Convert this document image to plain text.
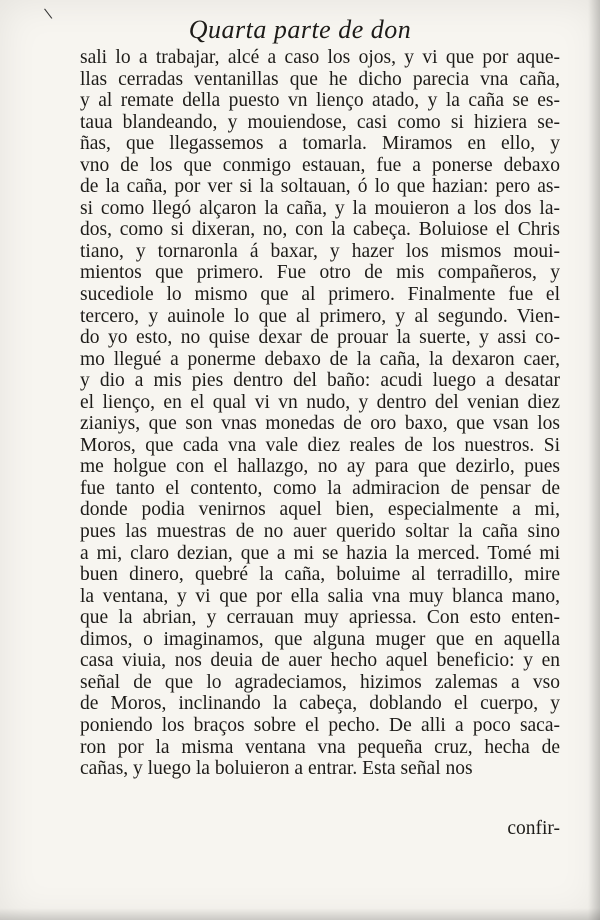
\
Quarta parte de don
sali lo a trabajar, alcé a caso los ojos, y vi que por aque-
llas cerradas ventanillas que he dicho parecia vna caña,
y al remate della puesto vn lienço atado, y la caña se es-
taua blandeando, y mouiendose, casi como si hiziera se-
ñas, que llegassemos a tomarla. Miramos en ello, y
vno de los que conmigo estauan, fue a ponerse debaxo
de la caña, por ver si la soltauan, ó lo que hazian: pero as-
si como llegó alçaron la caña, y la mouieron a los dos la-
dos, como si dixeran, no, con la cabeça. Boluiose el Chris
tiano, y tornaronla á baxar, y hazer los mismos moui-
mientos que primero. Fue otro de mis compañeros, y
sucediole lo mismo que al primero. Finalmente fue el
tercero, y auinole lo que al primero, y al segundo. Vien-
do yo esto, no quise dexar de prouar la suerte, y assi co-
mo llegué a ponerme debaxo de la caña, la dexaron caer,
y dio a mis pies dentro del baño: acudi luego a desatar
el lienço, en el qual vi vn nudo, y dentro del venian diez
zianiys, que son vnas monedas de oro baxo, que vsan los
Moros, que cada vna vale diez reales de los nuestros. Si
me holgue con el hallazgo, no ay para que dezirlo, pues
fue tanto el contento, como la admiracion de pensar de
donde podia venirnos aquel bien, especialmente a mi,
pues las muestras de no auer querido soltar la caña sino
a mi, claro dezian, que a mi se hazia la merced. Tomé mi
buen dinero, quebré la caña, boluime al terradillo, mire
la ventana, y vi que por ella salia vna muy blanca mano,
que la abrian, y cerrauan muy apriessa. Con esto enten-
dimos, o imaginamos, que alguna muger que en aquella
casa viuia, nos deuia de auer hecho aquel beneficio: y en
señal de que lo agradeciamos, hizimos zalemas a vso
de Moros, inclinando la cabeça, doblando el cuerpo, y
poniendo los braços sobre el pecho. De alli a poco saca-
ron por la misma ventana vna pequeña cruz, hecha de
cañas, y luego la boluieron a entrar. Esta señal nos
confir-
